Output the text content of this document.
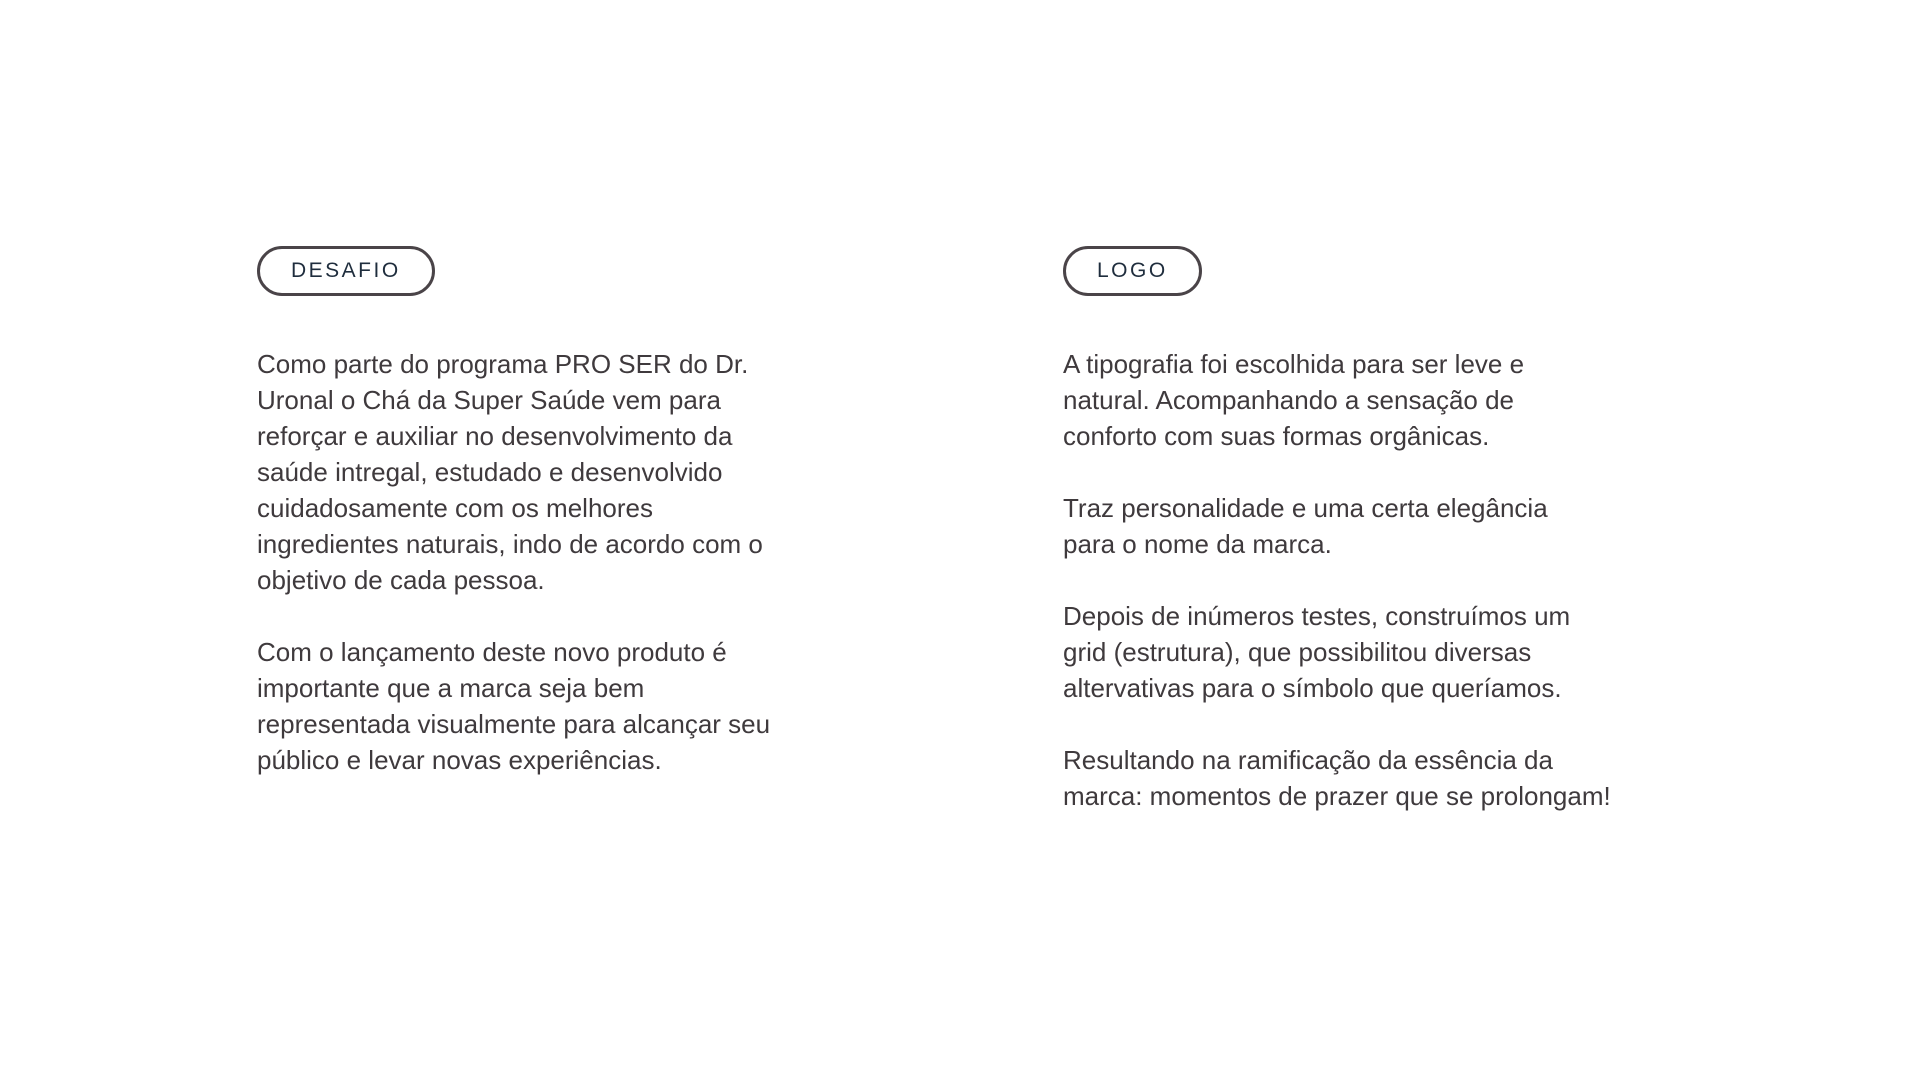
DESAFIO

Como parte do programa PRO SER do Dr.
Uronal o Chá da Super Saúde vem para
reforçar e auxiliar no desenvolvimento da
saúde intregal, estudado e desenvolvido
cuidadosamente com os melhores
ingredientes naturais, indo de acordo com o
objetivo de cada pessoa.

Com o lançamento deste novo produto é
importante que a marca seja bem
representada visualmente para alcançar seu
público e levar novas experiências.

LOGO

A tipografia foi escolhida para ser leve e
natural. Acompanhando a sensação de
conforto com suas formas orgânicas.

Traz personalidade e uma certa elegância
para o nome da marca.

Depois de inúmeros testes, construímos um
grid (estrutura), que possibilitou diversas
altervativas para o símbolo que queríamos.

Resultando na ramificação da essência da
marca: momentos de prazer que se prolongam!
